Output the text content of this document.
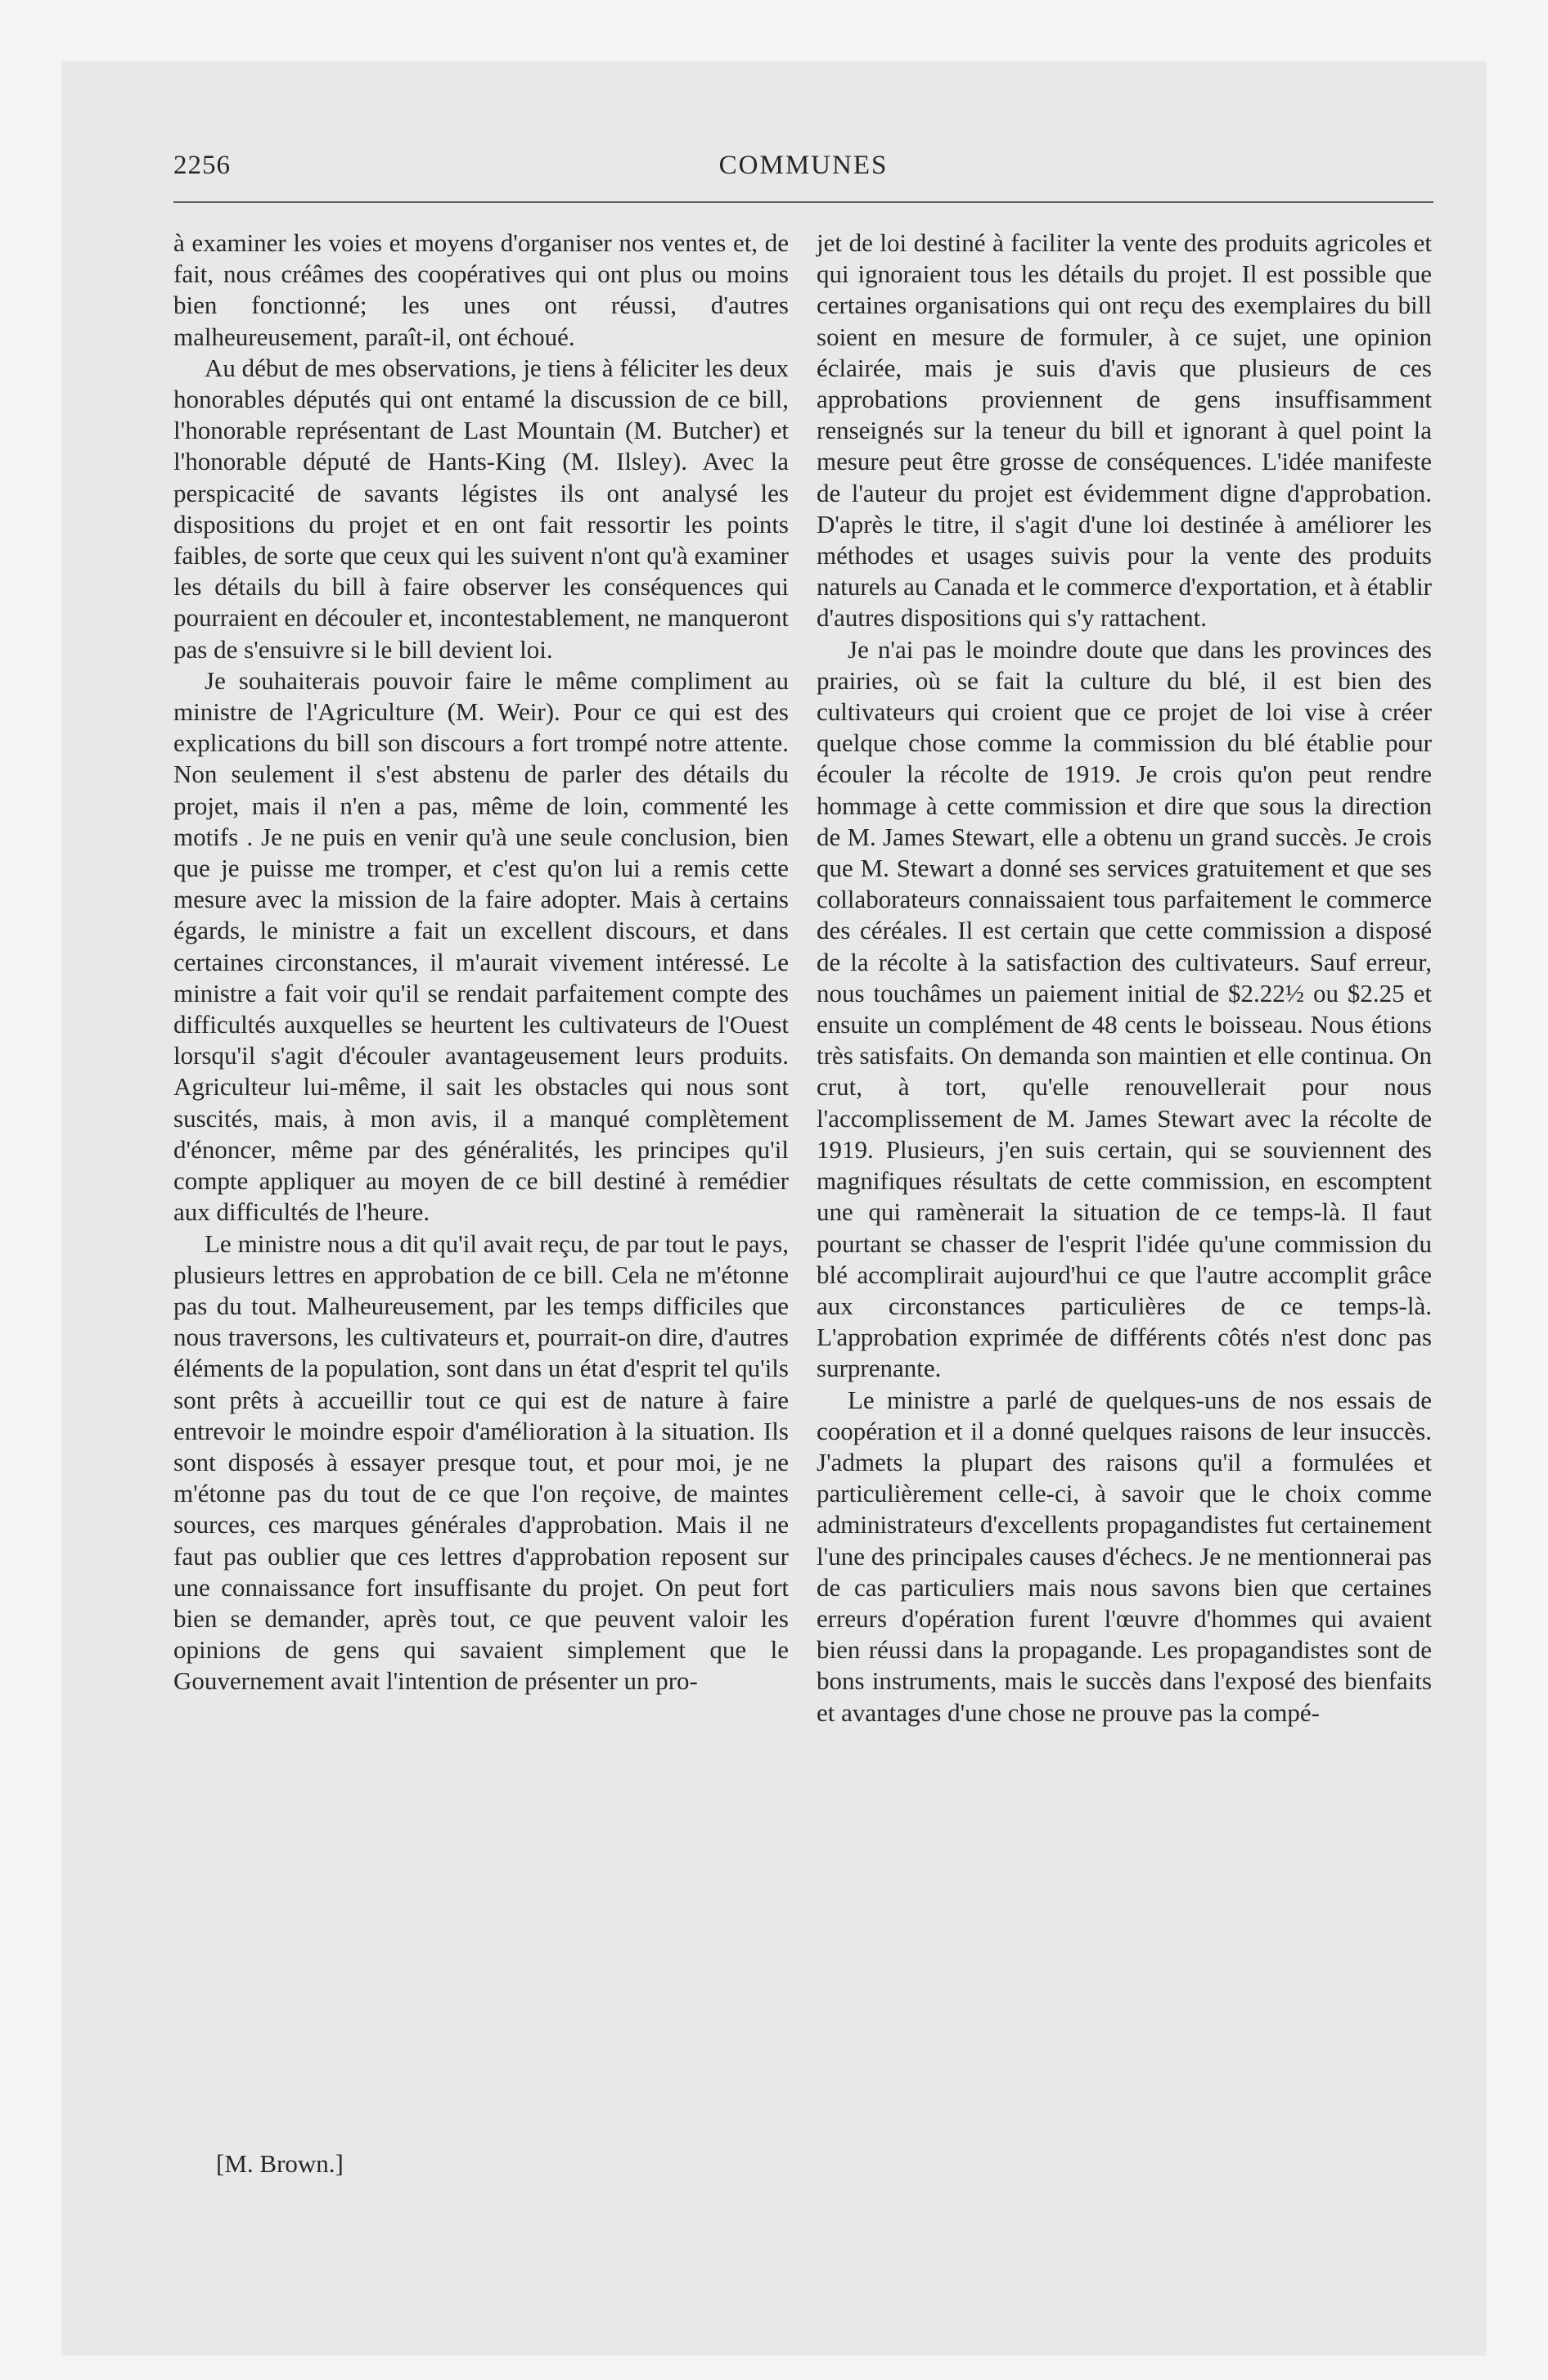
2256	COMMUNES

à examiner les voies et moyens d'organiser nos ventes et, de fait, nous créâmes des coopératives qui ont plus ou moins bien fonctionné; les unes ont réussi, d'autres malheureusement, paraît-il, ont échoué.

Au début de mes observations, je tiens à féliciter les deux honorables députés qui ont entamé la discussion de ce bill, l'honorable représentant de Last Mountain (M. Butcher) et l'honorable député de Hants-King (M. Ilsley). Avec la perspicacité de savants légistes ils ont analysé les dispositions du projet et en ont fait ressortir les points faibles, de sorte que ceux qui les suivent n'ont qu'à examiner les détails du bill à faire observer les conséquences qui pourraient en découler et, incontestablement, ne manqueront pas de s'ensuivre si le bill devient loi.

Je souhaiterais pouvoir faire le même compliment au ministre de l'Agriculture (M. Weir). Pour ce qui est des explications du bill son discours a fort trompé notre attente. Non seulement il s'est abstenu de parler des détails du projet, mais il n'en a pas, même de loin, commenté les motifs . Je ne puis en venir qu'à une seule conclusion, bien que je puisse me tromper, et c'est qu'on lui a remis cette mesure avec la mission de la faire adopter. Mais à certains égards, le ministre a fait un excellent discours, et dans certaines circonstances, il m'aurait vivement intéressé. Le ministre a fait voir qu'il se rendait parfaitement compte des difficultés auxquelles se heurtent les cultivateurs de l'Ouest lorsqu'il s'agit d'écouler avantageusement leurs produits. Agriculteur lui-même, il sait les obstacles qui nous sont suscités, mais, à mon avis, il a manqué complètement d'énoncer, même par des généralités, les principes qu'il compte appliquer au moyen de ce bill destiné à remédier aux difficultés de l'heure.

Le ministre nous a dit qu'il avait reçu, de par tout le pays, plusieurs lettres en approbation de ce bill. Cela ne m'étonne pas du tout. Malheureusement, par les temps difficiles que nous traversons, les cultivateurs et, pourrait-on dire, d'autres éléments de la population, sont dans un état d'esprit tel qu'ils sont prêts à accueillir tout ce qui est de nature à faire entrevoir le moindre espoir d'amélioration à la situation. Ils sont disposés à essayer presque tout, et pour moi, je ne m'étonne pas du tout de ce que l'on reçoive, de maintes sources, ces marques générales d'approbation. Mais il ne faut pas oublier que ces lettres d'approbation reposent sur une connaissance fort insuffisante du projet. On peut fort bien se demander, après tout, ce que peuvent valoir les opinions de gens qui savaient simplement que le Gouvernement avait l'intention de présenter un pro-

[M. Brown.]

jet de loi destiné à faciliter la vente des produits agricoles et qui ignoraient tous les détails du projet. Il est possible que certaines organisations qui ont reçu des exemplaires du bill soient en mesure de formuler, à ce sujet, une opinion éclairée, mais je suis d'avis que plusieurs de ces approbations proviennent de gens insuffisamment renseignés sur la teneur du bill et ignorant à quel point la mesure peut être grosse de conséquences. L'idée manifeste de l'auteur du projet est évidemment digne d'approbation. D'après le titre, il s'agit d'une loi destinée à améliorer les méthodes et usages suivis pour la vente des produits naturels au Canada et le commerce d'exportation, et à établir d'autres dispositions qui s'y rattachent.

Je n'ai pas le moindre doute que dans les provinces des prairies, où se fait la culture du blé, il est bien des cultivateurs qui croient que ce projet de loi vise à créer quelque chose comme la commission du blé établie pour écouler la récolte de 1919. Je crois qu'on peut rendre hommage à cette commission et dire que sous la direction de M. James Stewart, elle a obtenu un grand succès. Je crois que M. Stewart a donné ses services gratuitement et que ses collaborateurs connaissaient tous parfaitement le commerce des céréales. Il est certain que cette commission a disposé de la récolte à la satisfaction des cultivateurs. Sauf erreur, nous touchâmes un paiement initial de $2.22½ ou $2.25 et ensuite un complément de 48 cents le boisseau. Nous étions très satisfaits. On demanda son maintien et elle continua. On crut, à tort, qu'elle renouvellerait pour nous l'accomplissement de M. James Stewart avec la récolte de 1919. Plusieurs, j'en suis certain, qui se souviennent des magnifiques résultats de cette commission, en escomptent une qui ramènerait la situation de ce temps-là. Il faut pourtant se chasser de l'esprit l'idée qu'une commission du blé accomplirait aujourd'hui ce que l'autre accomplit grâce aux circonstances particulières de ce temps-là. L'approbation exprimée de différents côtés n'est donc pas surprenante.

Le ministre a parlé de quelques-uns de nos essais de coopération et il a donné quelques raisons de leur insuccès. J'admets la plupart des raisons qu'il a formulées et particulièrement celle-ci, à savoir que le choix comme administrateurs d'excellents propagandistes fut certainement l'une des principales causes d'échecs. Je ne mentionnerai pas de cas particuliers mais nous savons bien que certaines erreurs d'opération furent l'œuvre d'hommes qui avaient bien réussi dans la propagande. Les propagandistes sont de bons instruments, mais le succès dans l'exposé des bienfaits et avantages d'une chose ne prouve pas la compé-
